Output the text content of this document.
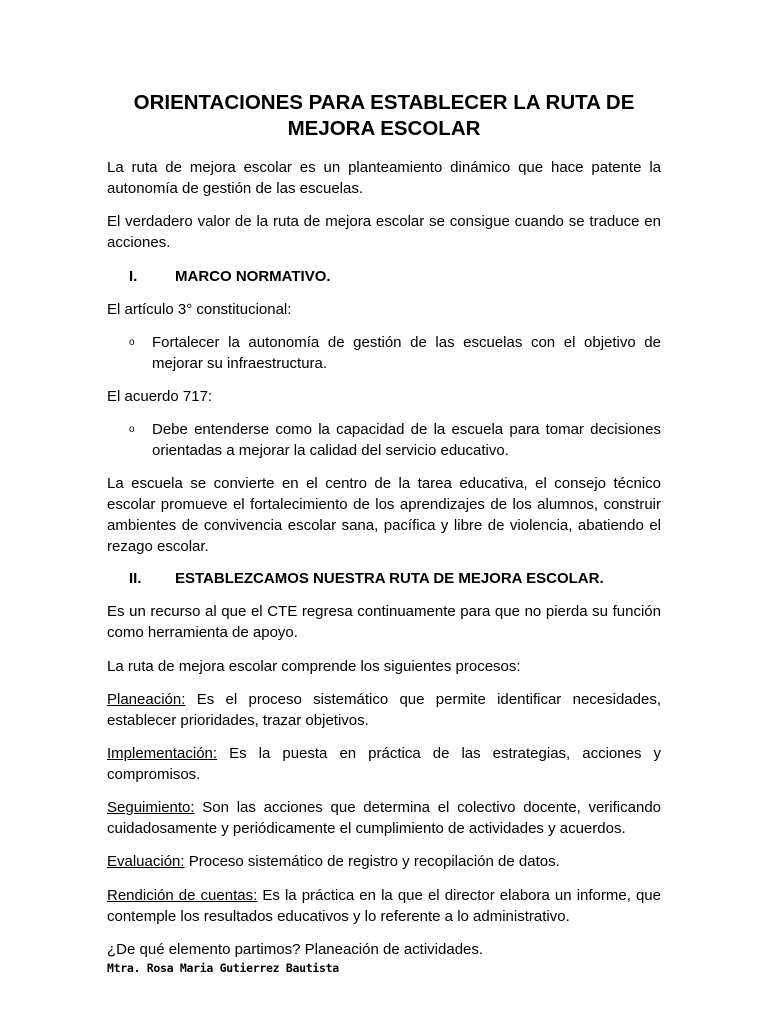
ORIENTACIONES PARA ESTABLECER LA RUTA DE
MEJORA ESCOLAR

La ruta de mejora escolar es un planteamiento dinámico que hace patente la autonomía de gestión de las escuelas.

El verdadero valor de la ruta de mejora escolar se consigue cuando se traduce en acciones.

I.	MARCO NORMATIVO.

El artículo 3° constitucional:

o Fortalecer la autonomía de gestión de las escuelas con el objetivo de mejorar su infraestructura.

El acuerdo 717:

o Debe entenderse como la capacidad de la escuela para tomar decisiones orientadas a mejorar la calidad del servicio educativo.

La escuela se convierte en el centro de la tarea educativa, el consejo técnico escolar promueve el fortalecimiento de los aprendizajes de los alumnos, construir ambientes de convivencia escolar sana, pacífica y libre de violencia, abatiendo el rezago escolar.

II. ESTABLEZCAMOS NUESTRA RUTA DE MEJORA ESCOLAR.

Es un recurso al que el CTE regresa continuamente para que no pierda su función como herramienta de apoyo.

La ruta de mejora escolar comprende los siguientes procesos:

Planeación: Es el proceso sistemático que permite identificar necesidades, establecer prioridades, trazar objetivos.

Implementación: Es la puesta en práctica de las estrategias, acciones y compromisos.

Seguimiento: Son las acciones que determina el colectivo docente, verificando cuidadosamente y periódicamente el cumplimiento de actividades y acuerdos.

Evaluación: Proceso sistemático de registro y recopilación de datos.

Rendición de cuentas: Es la práctica en la que el director elabora un informe, que contemple los resultados educativos y lo referente a lo administrativo.

¿De qué elemento partimos? Planeación de actividades.

Mtra. Rosa Maria Gutierrez Bautista
